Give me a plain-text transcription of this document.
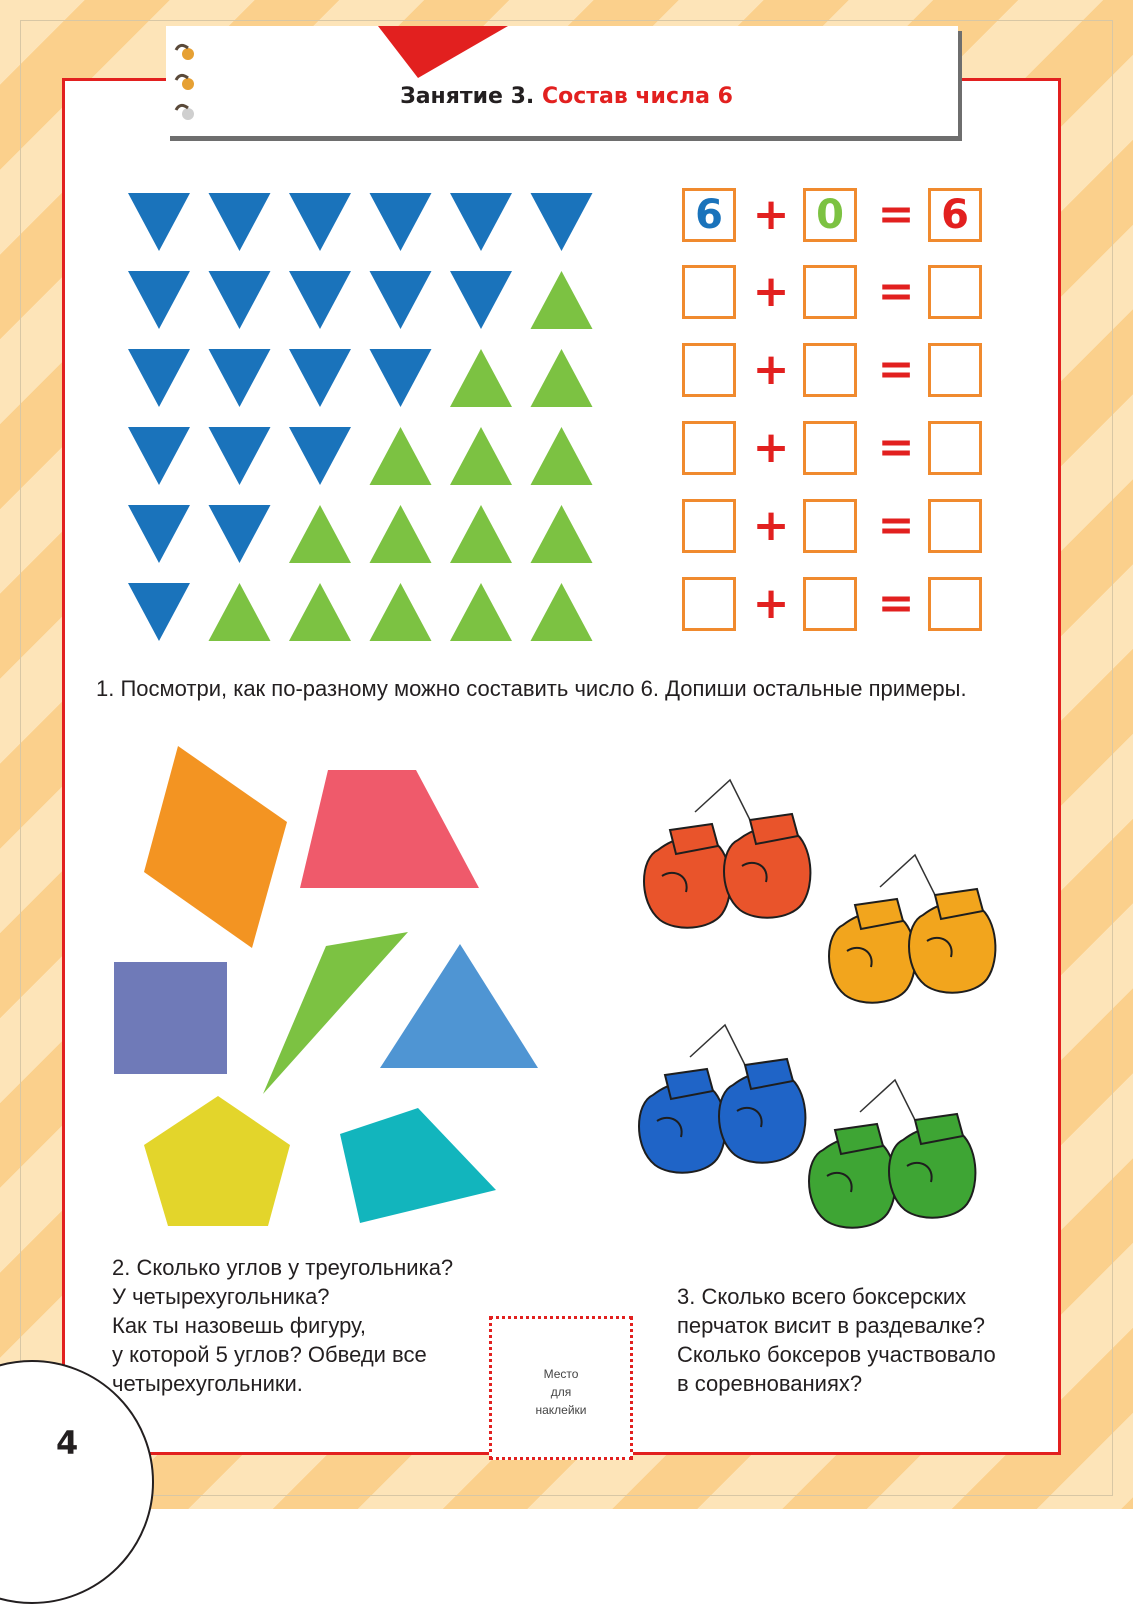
Занятие 3. Состав числа 6
6 + 0 = 6
+ =
+ =
+ =
+ =
+ =

1. Посмотри, как по-разному можно составить число 6. Допиши остальные примеры.

2. Сколько углов у треугольника?
У четырехугольника?
Как ты назовешь фигуру,
у которой 5 углов? Обведи все
четырехугольники.
3. Сколько всего боксерских
перчаток висит в раздевалке?
Сколько боксеров участвовало
в соревнованиях?
Место
для
наклейки
4
